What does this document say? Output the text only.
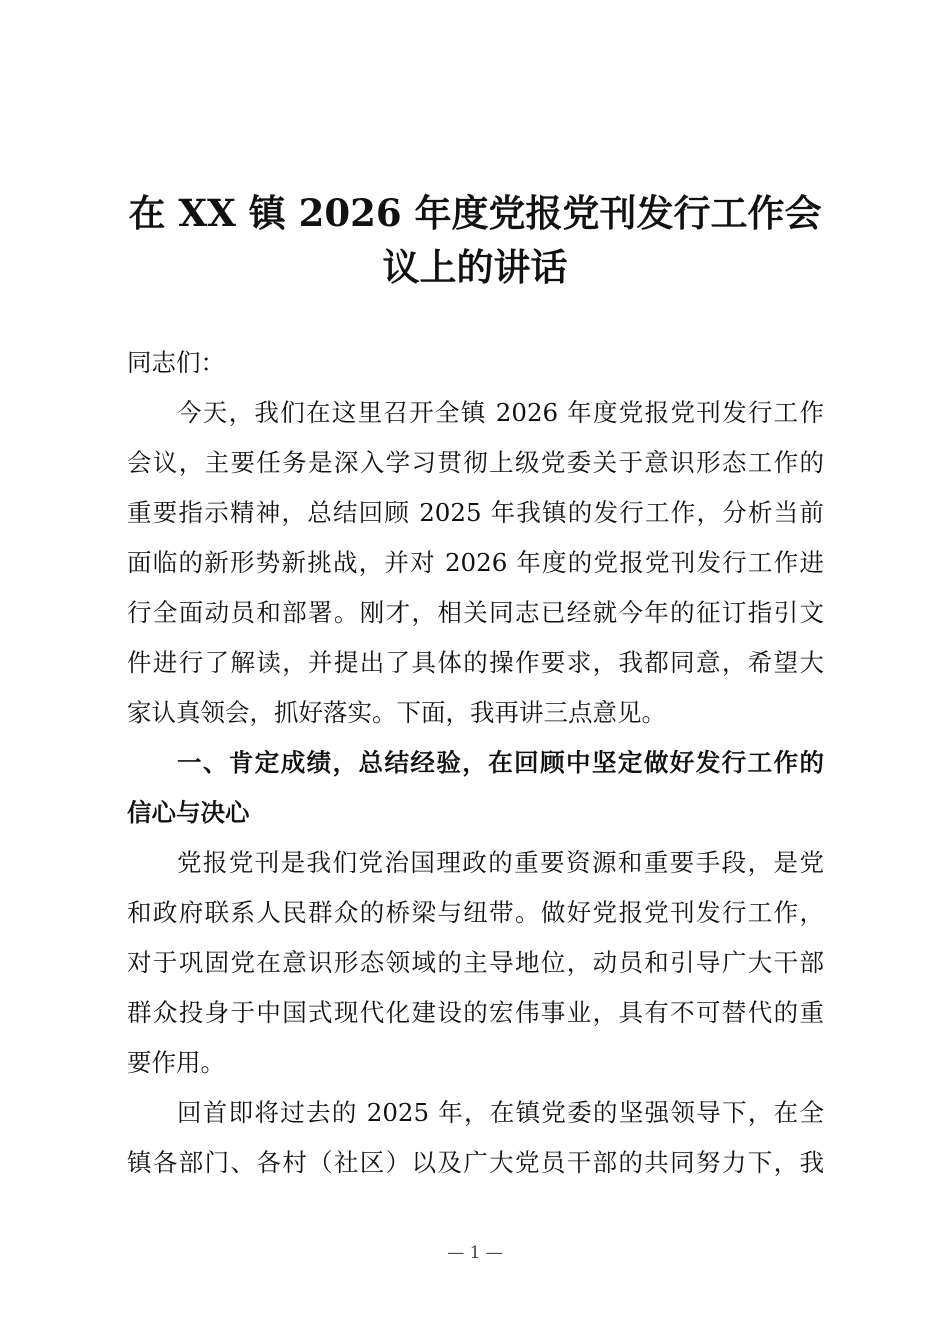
在 XX 镇 2026 年度党报党刊发行工作会
议上的讲话
同志们：
今天，我们在这里召开全镇 2026 年度党报党刊发行工作
会议，主要任务是深入学习贯彻上级党委关于意识形态工作的
重要指示精神，总结回顾 2025 年我镇的发行工作，分析当前
面临的新形势新挑战，并对 2026 年度的党报党刊发行工作进
行全面动员和部署。刚才，相关同志已经就今年的征订指引文
件进行了解读，并提出了具体的操作要求，我都同意，希望大
家认真领会，抓好落实。下面，我再讲三点意见。
一、肯定成绩，总结经验，在回顾中坚定做好发行工作的
信心与决心
党报党刊是我们党治国理政的重要资源和重要手段，是党
和政府联系人民群众的桥梁与纽带。做好党报党刊发行工作，
对于巩固党在意识形态领域的主导地位，动员和引导广大干部
群众投身于中国式现代化建设的宏伟事业，具有不可替代的重
要作用。
回首即将过去的 2025 年，在镇党委的坚强领导下，在全
镇各部门、各村（社区）以及广大党员干部的共同努力下，我
— 1 —
